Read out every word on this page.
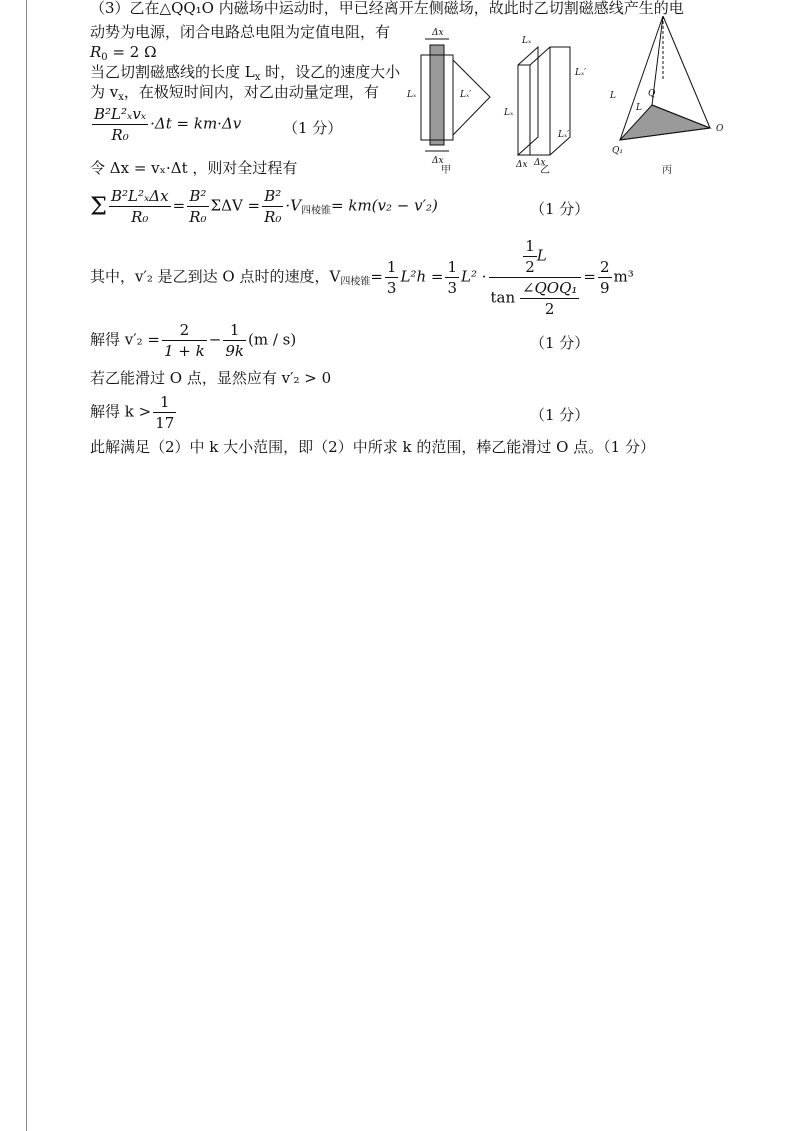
（3）乙在△QQ₁O 内磁场中运动时，甲已经离开左侧磁场，故此时乙切割磁感线产生的电
动势为电源，闭合电路总电阻为定值电阻，有
$R_0 = 2$ Ω
当乙切割磁感线的长度 $L_x$ 时，设乙的速度大小
为 $v_x$，在极短时间内，对乙由动量定理，有
$\frac{\text{B²L²ₓvₓ}}{\text{R₀}} \cdot\Delta t = km\cdot\Delta v$	（1 分）
令 Δx = vₓ·Δt ，则对全过程有
Σ $\frac{\text{B²L²ₓΔx}}{\text{R₀}} = \frac{\text{B²}}{\text{R₀}}$ $\Sigma\Delta V = \frac{\text{B²}}{\text{R₀}} \cdot V_{四棱锥}= km(v_2 - v'_2)$	（1 分）
其中，v′₂ 是乙到达 O 点时的速度，$V_{四棱锥}= \frac{1}{3} L^2h = \frac{1}{3} L^2 \cdot \frac{\frac{1}{2} L}{\tan \frac{\text{∠QOQ₁}}{2}} = \frac{2}{9} m^3$
解得 $v'_2 = \frac{2}{1 + k} - \frac{1}{9k} (m / s)$	（1 分）
若乙能滑过 O 点，显然应有 v′₂ > 0
解得 $k > \frac{1}{17}$	（1 分）
此解满足（2）中 k 大小范围，即（2）中所求 k 的范围，棒乙能滑过 O 点。（1 分）
Δx
Δx
Lₓ	Lₓ′
甲
Lₓ
Lₓ
Lₓ′
Lₓ′
Δx Δx
乙
L
L
Q
O
Q₁
丙
